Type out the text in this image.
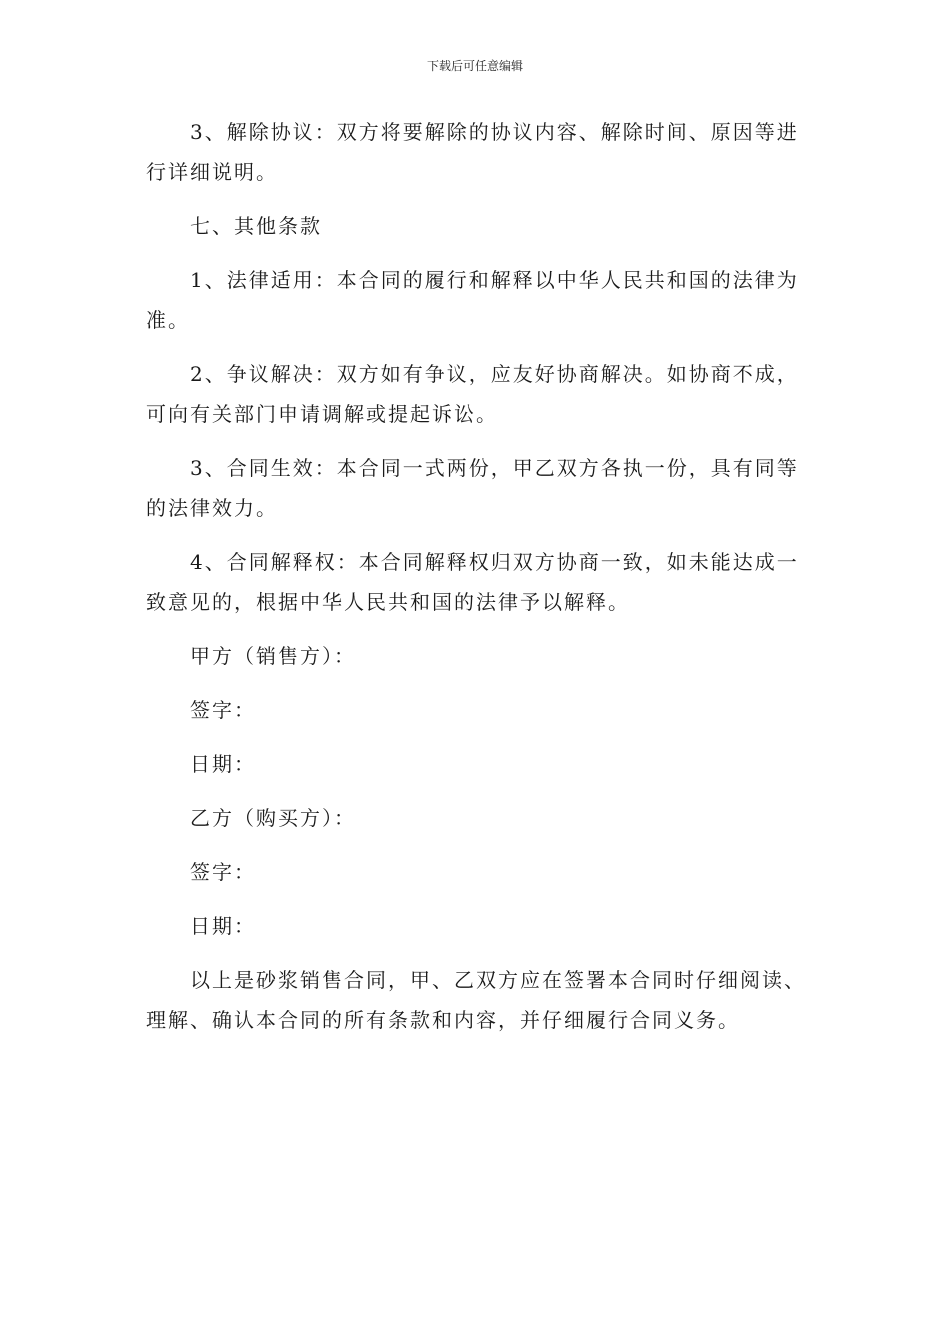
下载后可任意编辑

3、解除协议：双方将要解除的协议内容、解除时间、原因等进行详细说明。

七、其他条款

1、法律适用：本合同的履行和解释以中华人民共和国的法律为准。

2、争议解决：双方如有争议，应友好协商解决。如协商不成，可向有关部门申请调解或提起诉讼。

3、合同生效：本合同一式两份，甲乙双方各执一份，具有同等的法律效力。

4、合同解释权：本合同解释权归双方协商一致，如未能达成一致意见的，根据中华人民共和国的法律予以解释。

甲方（销售方）：

签字：

日期：

乙方（购买方）：

签字：

日期：

以上是砂浆销售合同，甲、乙双方应在签署本合同时仔细阅读、理解、确认本合同的所有条款和内容，并仔细履行合同义务。
